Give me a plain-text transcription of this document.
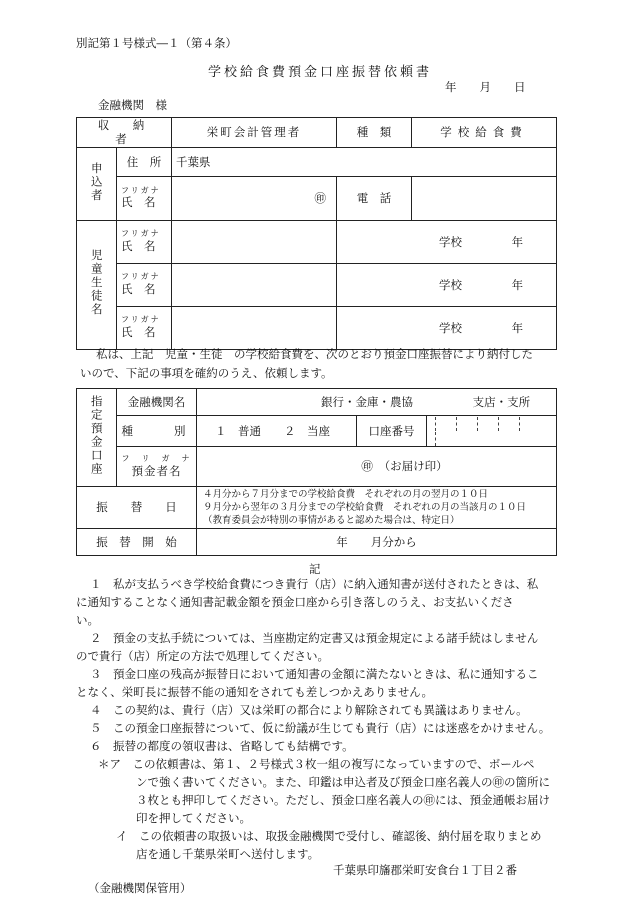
別記第１号様式―１（第４条）
学校給食費預金口座振替依頼書
年　　月　　日
金融機関　様
収　納　者		栄町会計管理者	種　類	学校給食費
申込者	住　所	千葉県		

	フリガナ
氏　名	㊞	電　話	
児童生徒名	フリガナ
氏　名		学校 年	

	フリガナ
氏　名		学校 年	

	フリガナ
氏　名		学校 年	
私は、上記　児童・生徒　の学校給食費を、次のとおり預金口座振替により納付した
いので、下記の事項を確約のうえ、依頼します。
指定預金口座	金融機関名	銀行・金庫・農協 支店・支所		
	種　　別	１　普通　　２　当座	口座番号	

	フ　リ　ガ　ナ
預金者名	㊞　（お届け印）		
振　　替　　日		４月分から７月分までの学校給食費　それぞれの月の翌月の１０日
９月分から翌年の３月分までの学校給食費　それぞれの月の当該月の１０日
（教育委員会が特別の事情があると認めた場合は、特定日）		

振　替　開　始		年　　月分から		
記
１　私が支払うべき学校給食費につき貴行（店）に納入通知書が送付されたときは、私
に通知することなく通知書記載金額を預金口座から引き落しのうえ、お支払いくださ
い。
２　預金の支払手続については、当座勘定約定書又は預金規定による諸手続はしません
ので貴行（店）所定の方法で処理してください。
３　預金口座の残高が振替日において通知書の金額に満たないときは、私に通知するこ
となく、栄町長に振替不能の通知をされても差しつかえありません。
４　この契約は、貴行（店）又は栄町の都合により解除されても異議はありません。
５　この預金口座振替について、仮に紛議が生じても貴行（店）には迷惑をかけません。
６　振替の都度の領収書は、省略しても結構です。
＊ア　この依頼書は、第１、２号様式３枚一組の複写になっていますので、ボールペ
ンで強く書いてください。また、印鑑は申込者及び預金口座名義人の㊞の箇所に
３枚とも押印してください。ただし、預金口座名義人の㊞には、預金通帳お届け
印を押してください。
イ　この依頼書の取扱いは、取扱金融機関で受付し、確認後、納付届を取りまとめ
店を通し千葉県栄町へ送付します。
千葉県印旛郡栄町安食台１丁目２番
（金融機関保管用）
